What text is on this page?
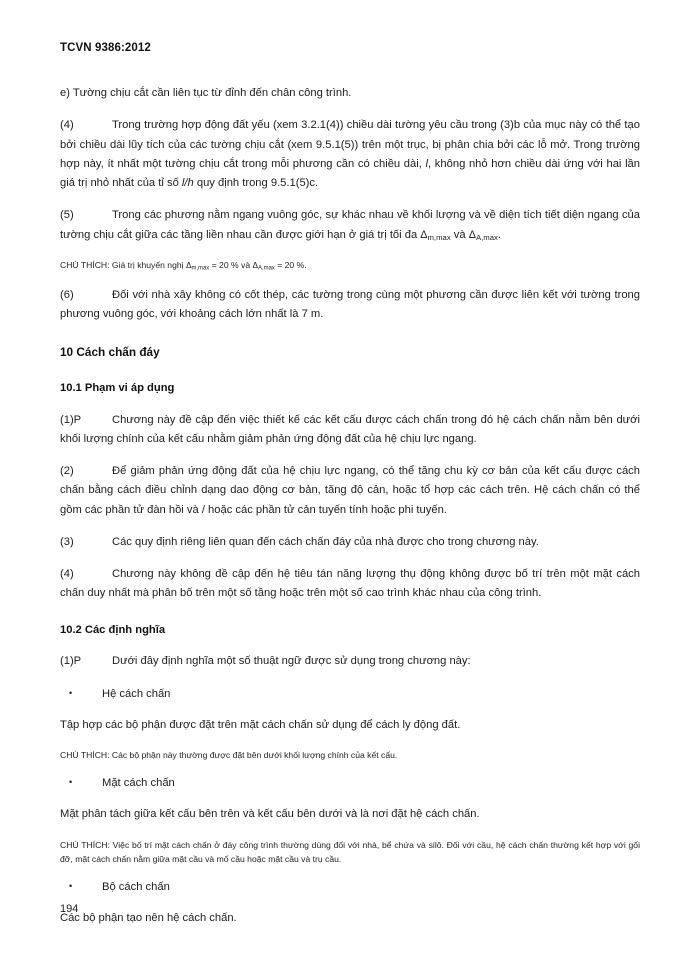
TCVN 9386:2012

e) Tường chịu cắt cần liên tục từ đỉnh đến chân công trình.

(4)	Trong trường hợp động đất yếu (xem 3.2.1(4)) chiều dài tường yêu cầu trong (3)b của mục này có thể tạo bởi chiều dài lũy tích của các tường chịu cắt (xem 9.5.1(5)) trên một trục, bị phân chia bởi các lỗ mở. Trong trường hợp này, ít nhất một tường chịu cắt trong mỗi phương cần có chiều dài, l, không nhỏ hơn chiều dài ứng với hai lần giá trị nhỏ nhất của tỉ số l/h quy định trong 9.5.1(5)c.

(5)	Trong các phương nằm ngang vuông góc, sự khác nhau về khối lượng và về diện tích tiết diện ngang của tường chịu cắt giữa các tầng liền nhau cần được giới hạn ở giá trị tối đa $\Delta_{m,max}$ và $\Delta_{A,max}$.

CHÚ THÍCH: Giá trị khuyến nghị $\Delta_{m,max} = 20$ % và $\Delta_{A,max} = 20$ %.

(6)	Đối với nhà xây không có cốt thép, các tường trong cùng một phương cần được liên kết với tường trong phương vuông góc, với khoảng cách lớn nhất là 7 m.

10 Cách chấn đáy
10.1 Phạm vi áp dụng

(1)P	Chương này đề cập đến việc thiết kế các kết cấu được cách chấn trong đó hệ cách chấn nằm bên dưới khối lượng chính của kết cấu nhằm giảm phản ứng động đất của hệ chịu lực ngang.

(2)	Để giảm phản ứng động đất của hệ chịu lực ngang, có thể tăng chu kỳ cơ bản của kết cấu được cách chấn bằng cách điều chỉnh dạng dao động cơ bản, tăng độ cản, hoặc tổ hợp các cách trên. Hệ cách chấn có thể gồm các phần tử đàn hồi và / hoặc các phần tử cản tuyến tính hoặc phi tuyến.

(3)	Các quy định riêng liên quan đến cách chấn đáy của nhà được cho trong chương này.

(4)	Chương này không đề cập đến hệ tiêu tán năng lượng thụ động không được bố trí trên một mặt cách chấn duy nhất mà phân bố trên một số tầng hoặc trên một số cao trình khác nhau của công trình.

10.2 Các định nghĩa

(1)P	Dưới đây định nghĩa một số thuật ngữ được sử dụng trong chương này:

•	Hệ cách chấn

Tập hợp các bộ phận được đặt trên mặt cách chấn sử dụng để cách ly động đất.

CHÚ THÍCH: Các bộ phận này thường được đặt bên dưới khối lượng chính của kết cấu.

•	Mặt cách chấn

Mặt phân tách giữa kết cấu bên trên và kết cấu bên dưới và là nơi đặt hệ cách chấn.

CHÚ THÍCH: Việc bố trí mặt cách chấn ở đáy công trình thường dùng đối với nhà, bể chứa và silô. Đối với cầu, hệ cách chấn thường kết hợp với gối đỡ, mặt cách chấn nằm giữa mặt cầu và mố cầu hoặc mặt cầu và trụ cầu.

•	Bộ cách chấn

Các bộ phận tạo nên hệ cách chấn.

194
